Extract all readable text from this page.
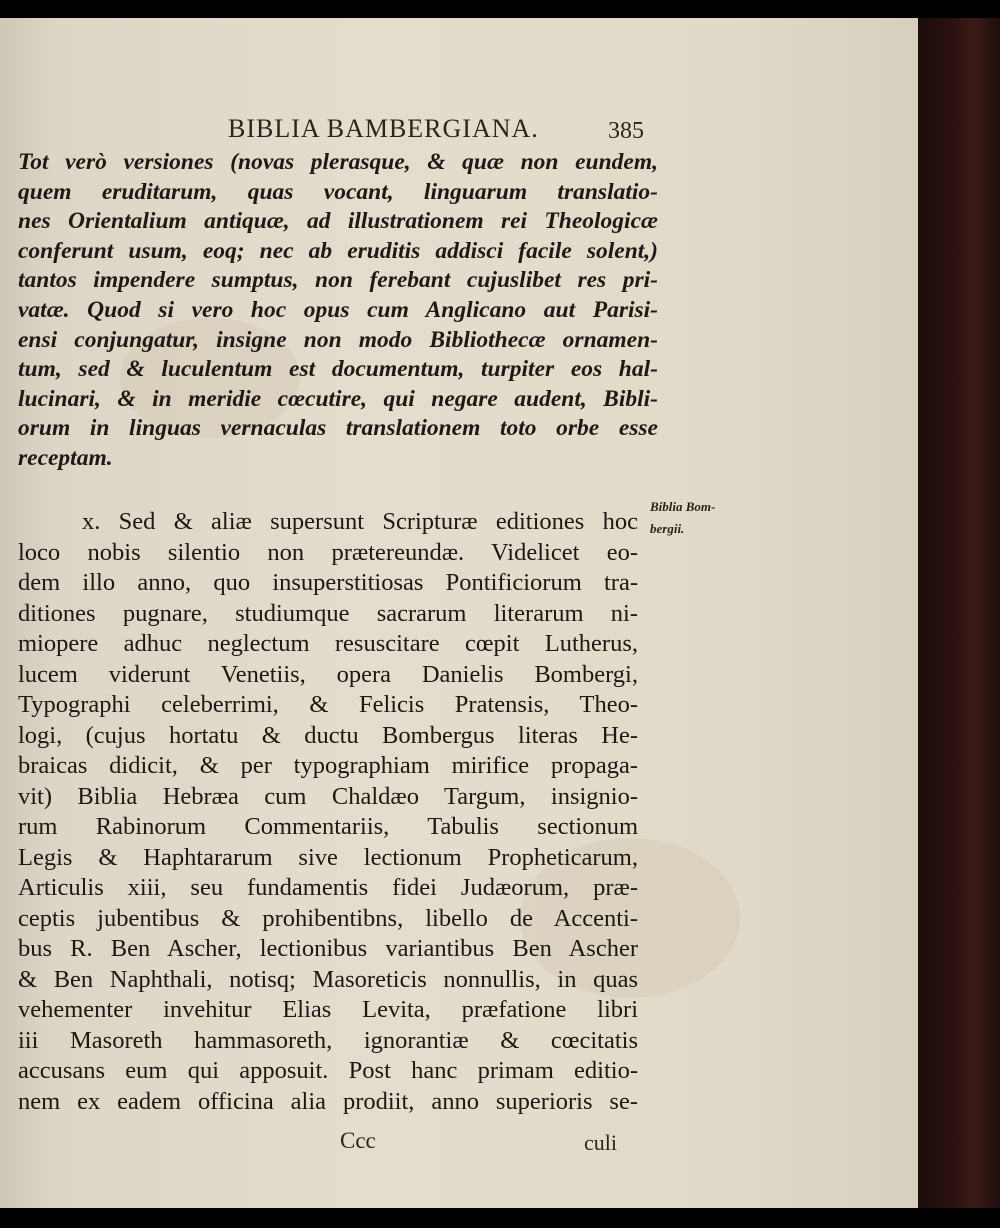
BIBLIA BAMBERGIANA.	385
Tot verò versiones (novas plerasque, & quæ non eundem,
quem eruditarum, quas vocant, linguarum translatio-
nes Orientalium antiquæ, ad illustrationem rei Theologicæ
conferunt usum, eoq; nec ab eruditis addisci facile solent,)
tantos impendere sumptus, non ferebant cujuslibet res pri-
vatæ. Quod si vero hoc opus cum Anglicano aut Parisi-
ensi conjungatur, insigne non modo Bibliothecæ ornamen-
tum, sed & luculentum est documentum, turpiter eos hal-
lucinari, & in meridie cœcutire, qui negare audent, Bibli-
orum in linguas vernaculas translationem toto orbe esse
receptam.
Biblia Bom-
bergii.
x. Sed & aliæ supersunt Scripturæ editiones hoc
loco nobis silentio non prætereundæ. Videlicet eo-
dem illo anno, quo insuperstitiosas Pontificiorum tra-
ditiones pugnare, studiumque sacrarum literarum ni-
miopere adhuc neglectum resuscitare cœpit Lutherus,
lucem viderunt Venetiis, opera Danielis Bombergi,
Typographi celeberrimi, & Felicis Pratensis, Theo-
logi, (cujus hortatu & ductu Bombergus literas He-
braicas didicit, & per typographiam mirifice propaga-
vit) Biblia Hebræa cum Chaldæo Targum, insignio-
rum Rabinorum Commentariis, Tabulis sectionum
Legis & Haphtararum sive lectionum Propheticarum,
Articulis xiii, seu fundamentis fidei Judæorum, præ-
ceptis jubentibus & prohibentibns, libello de Accenti-
bus R. Ben Ascher, lectionibus variantibus Ben Ascher
& Ben Naphthali, notisq; Masoreticis nonnullis, in quas
vehementer invehitur Elias Levita, præfatione libri
iii Masoreth hammasoreth, ignorantiæ & cœcitatis
accusans eum qui apposuit. Post hanc primam editio-
nem ex eadem officina alia prodiit, anno superioris se-
Ccc	culi
